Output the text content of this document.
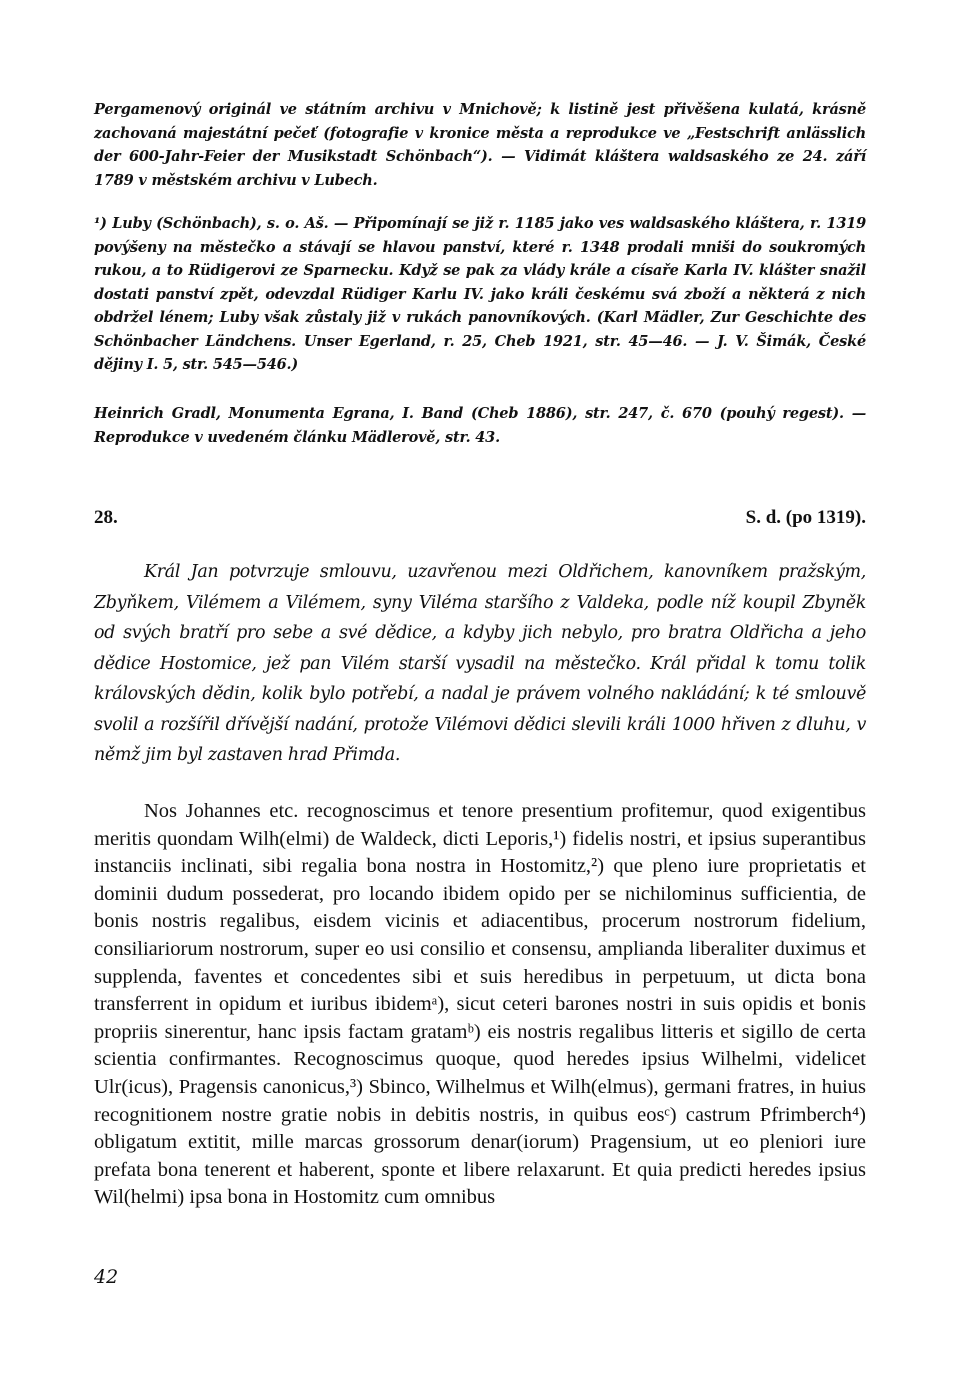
Pergamenový originál ve státním archivu v Mnichově; k listině jest přivěšena kulatá, krásně zachovaná majestátní pečeť (fotografie v kronice města a reprodukce ve „Festschrift anlässlich der 600-Jahr-Feier der Musikstadt Schönbach“). — Vidimát kláštera waldsaského ze 24. září 1789 v městském archivu v Lubech.

¹) Luby (Schönbach), s. o. Aš. — Připomínají se již r. 1185 jako ves waldsaského kláštera, r. 1319 povýšeny na městečko a stávají se hlavou panství, které r. 1348 prodali mniši do soukromých rukou, a to Rüdigerovi ze Sparnecku. Když se pak za vlády krále a císaře Karla IV. klášter snažil dostati panství zpět, odevzdal Rüdiger Karlu IV. jako králi českému svá zboží a některá z nich obdržel lénem; Luby však zůstaly již v rukách panovníkových. (Karl Mädler, Zur Geschichte des Schönbacher Ländchens. Unser Egerland, r. 25, Cheb 1921, str. 45—46. — J. V. Šimák, České dějiny I. 5, str. 545—546.)

Heinrich Gradl, Monumenta Egrana, I. Band (Cheb 1886), str. 247, č. 670 (pouhý regest). — Reprodukce v uvedeném článku Mädlerově, str. 43.

28.	S. d. (po 1319).

Král Jan potvrzuje smlouvu, uzavřenou mezi Oldřichem, kanovníkem pražským, Zbyňkem, Vilémem a Vilémem, syny Viléma staršího z Valdeka, podle níž koupil Zbyněk od svých bratří pro sebe a své dědice, a kdyby jich nebylo, pro bratra Oldřicha a jeho dědice Hostomice, jež pan Vilém starší vysadil na městečko. Král přidal k tomu tolik královských dědin, kolik bylo potřebí, a nadal je právem volného nakládání; k té smlouvě svolil a rozšířil dřívější nadání, protože Vilémovi dědici slevili králi 1000 hřiven z dluhu, v němž jim byl zastaven hrad Přimda.

Nos Johannes etc. recognoscimus et tenore presentium profitemur, quod exigentibus meritis quondam Wilh(elmi) de Waldeck, dicti Leporis,¹) fidelis nostri, et ipsius superantibus instanciis inclinati, sibi regalia bona nostra in Hostomitz,²) que pleno iure proprietatis et dominii dudum possederat, pro locando ibidem opido per se nichilominus sufficientia, de bonis nostris regalibus, eisdem vicinis et adiacentibus, procerum nostrorum fidelium, consiliariorum nostrorum, super eo usi consilio et consensu, amplianda liberaliter duximus et supplenda, faventes et concedentes sibi et suis heredibus in perpetuum, ut dicta bona transferrent in opidum et iuribus ibidemᵃ), sicut ceteri barones nostri in suis opidis et bonis propriis sinerentur, hanc ipsis factam gratamᵇ) eis nostris regalibus litteris et sigillo de certa scientia confirmantes. Recognoscimus quoque, quod heredes ipsius Wilhelmi, videlicet Ulr(icus), Pragensis canonicus,³) Sbinco, Wilhelmus et Wilh(elmus), germani fratres, in huius recognitionem nostre gratie nobis in debitis nostris, in quibus eosᶜ) castrum Pfrimberch⁴) obligatum extitit, mille marcas grossorum denar(iorum) Pragensium, ut eo pleniori iure prefata bona tenerent et haberent, sponte et libere relaxarunt. Et quia predicti heredes ipsius Wil(helmi) ipsa bona in Hostomitz cum omnibus

42
